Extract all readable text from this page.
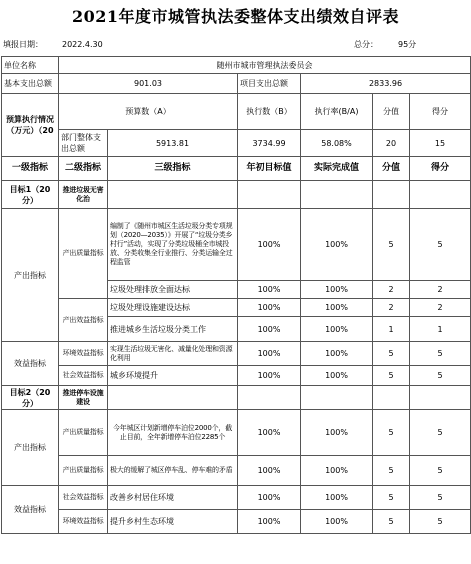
2021年度市城管执法委整体支出绩效自评表
填报日期： 2022.4.30	总分：	95分
单位名称	随州市城市管理执法委员会					
基本支出总额	901.03		项目支出总额	2833.96		
预算执行情况（万元）（20	预算数（A）		执行数（B）	执行率(B/A)	分值	得分
	部门整体支出总额	5913.81	3734.99	58.08%	20	15
一级指标	二级指标	三级指标	年初目标值	实际完成值	分值	得分
目标1（20分）	推进垃圾无害化治					
产出指标	产出质量指标	编制了《随州市城区生活垃圾分类专项规划（2020—2035）》开展了“垃圾分类乡村行”活动，实现了分类垃圾桶全市城投放、分类收集全行业推行、分类运输全过程监管	100%	100%	5	5
		垃圾处理排放全面达标	100%	100%	2	2
	产出效益指标	垃圾处理设施建设达标	100%	100%	2	2
		推进城乡生活垃圾分类工作	100%	100%	1	1
效益指标	环境效益指标	实现生活垃圾无害化、减量化处理和资源化利用	100%	100%	5	5
	社会效益指标	城乡环境提升	100%	100%	5	5
目标2（20分）	推进停车设施建设					
产出指标	产出质量指标	今年城区计划新增停车泊位2000个，截止目前，全年新增停车泊位2285个	100%	100%	5	5
	产出质量指标	极大的缓解了城区停车乱、停车难的矛盾	100%	100%	5	5
效益指标	社会效益指标	改善乡村居住环境	100%	100%	5	5
	环境效益指标	提升乡村生态环境	100%	100%	5	5
